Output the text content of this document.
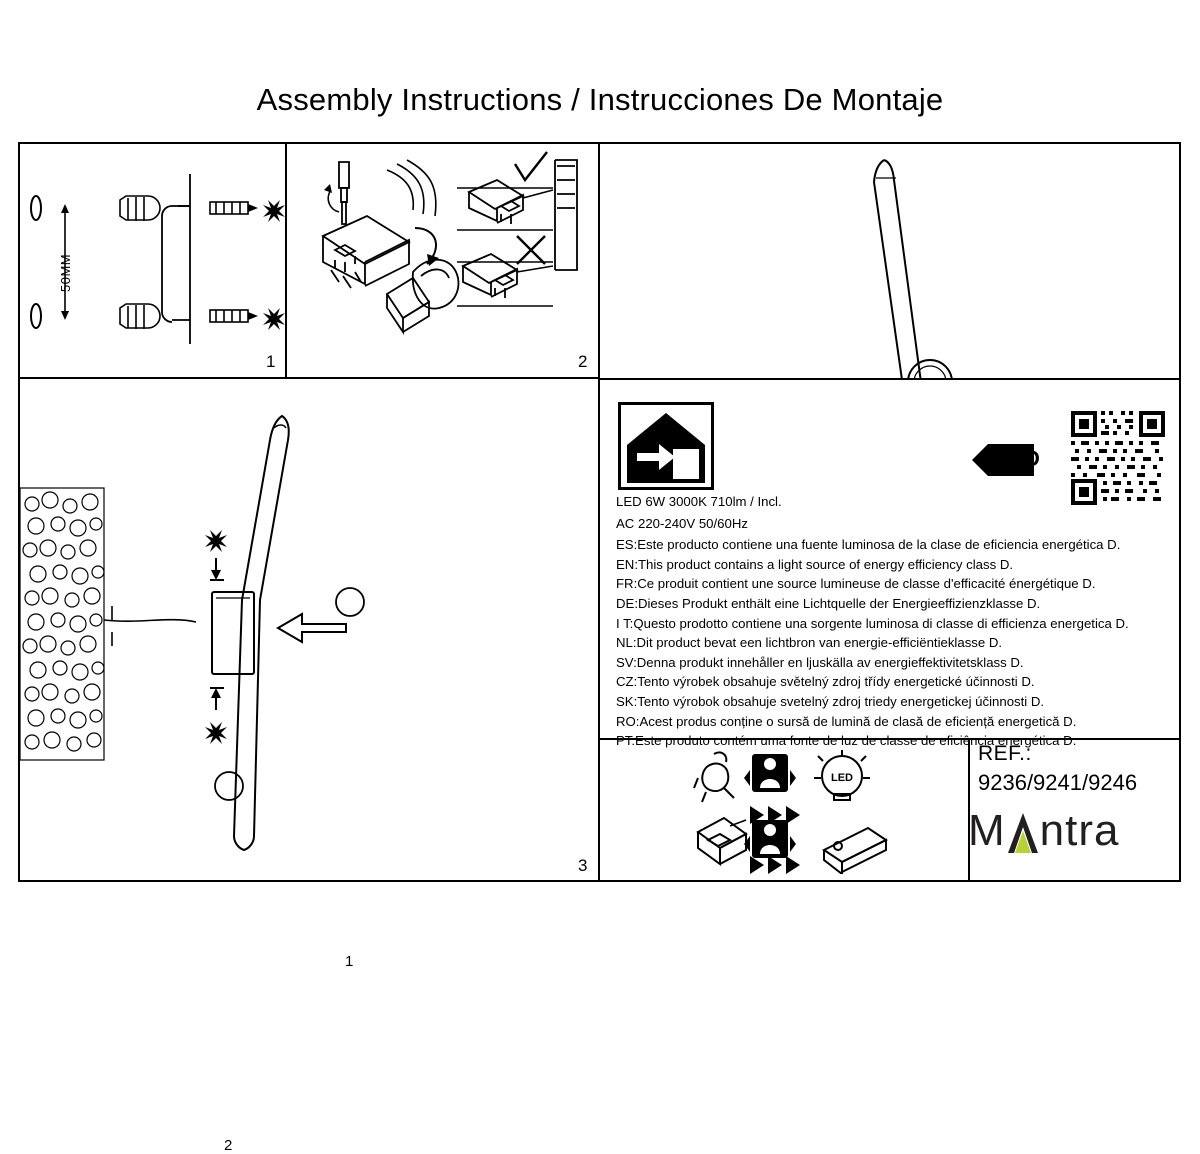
Assembly Instructions / Instrucciones De Montaje
50MM
1	2
1
2
3
D
LED 6W 3000K 710lm / Incl.
AC 220-240V 50/60Hz
ES:Este producto contiene una fuente luminosa de la clase de eficiencia energética D.
EN:This product contains a light source of energy efficiency class D.
FR:Ce produit contient une source lumineuse de classe d'efficacité énergétique D.
DE:Dieses Produkt enthält eine Lichtquelle der Energieeffizienzklasse D.
I T:Questo prodotto contiene una sorgente luminosa di classe di efficienza energetica D.
NL:Dit product bevat een lichtbron van energie-efficiëntieklasse D.
SV:Denna produkt innehåller en ljuskälla av energieffektivitetsklass D.
CZ:Tento výrobek obsahuje světelný zdroj třídy energetické účinnosti D.
SK:Tento výrobok obsahuje svetelný zdroj triedy energetickej účinnosti D.
RO:Acest produs conține o sursă de lumină de clasă de eficiență energetică D.
PT:Este produto contém uma fonte de luz de classe de eficiência energética D.
LED
REF.:
9236/9241/9246
M ntra
